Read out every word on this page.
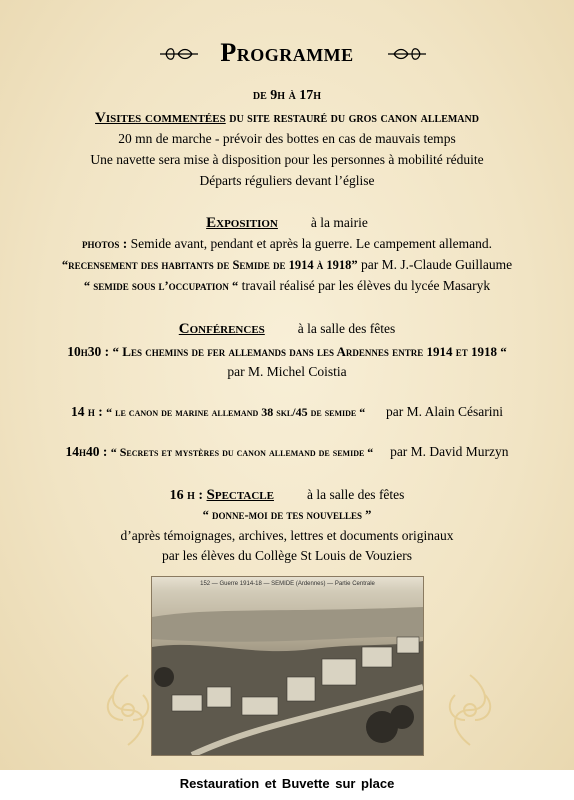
Programme
de 9h à 17h
Visites commentées du site restauré du gros canon allemand
20 mn de marche - prévoir des bottes en cas de mauvais temps
Une navette sera mise à disposition pour les personnes à mobilité réduite
Départs réguliers devant l’église
Exposition à la mairie
photos : Semide avant, pendant et après la guerre. Le campement allemand.
“recensement des habitants de Semide de 1914 à 1918” par M. J.-Claude Guillaume
“ semide sous l’occupation “ travail réalisé par les élèves du lycée Masaryk
Conférences à la salle des fêtes
10h30 : “ Les chemins de fer allemands dans les Ardennes entre 1914 et 1918 “
par M. Michel Coistia
14 h : “ le canon de marine allemand 38 skl/45 de semide “ par M. Alain Césarini
14h40 : “ Secrets et mystères du canon allemand de semide “ par M. David Murzyn
16 h : Spectacle à la salle des fêtes
“ donne-moi de tes nouvelles ”
d’après témoignages, archives, lettres et documents originaux
par les élèves du Collège St Louis de Vouziers
152 — Guerre 1914-18 — SEMIDE (Ardennes) — Partie Centrale
Restauration et Buvette sur place
